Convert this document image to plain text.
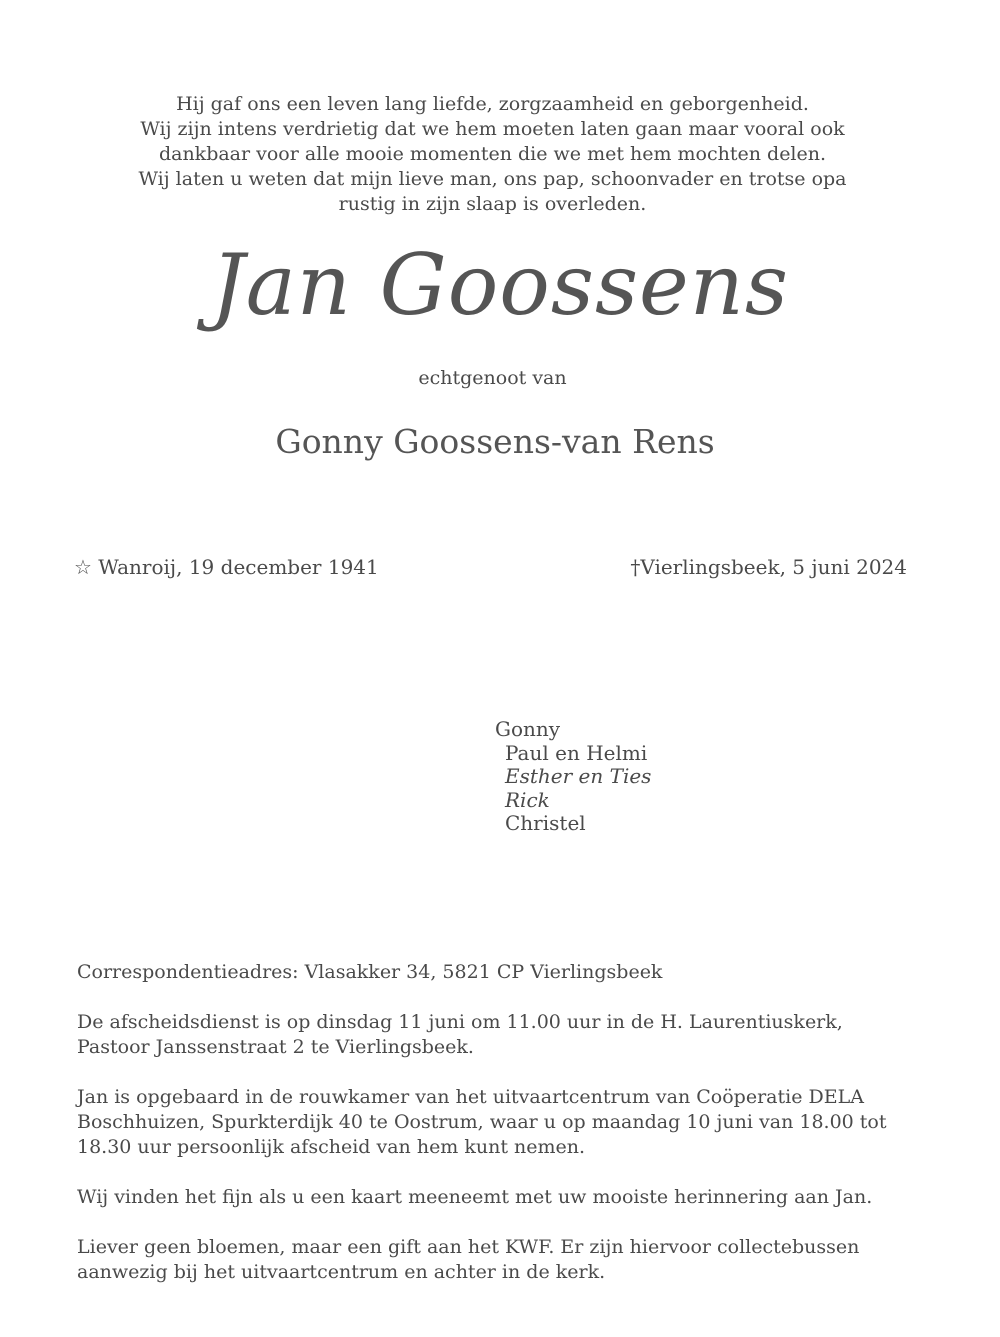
Hij gaf ons een leven lang liefde, zorgzaamheid en geborgenheid.
Wij zijn intens verdrietig dat we hem moeten laten gaan maar vooral ook
dankbaar voor alle mooie momenten die we met hem mochten delen.
Wij laten u weten dat mijn lieve man, ons pap, schoonvader en trotse opa
rustig in zijn slaap is overleden.
Jan Goossens
echtgenoot van
Gonny Goossens-van Rens
☆ Wanroij, 19 december 1941	†Vierlingsbeek, 5 juni 2024
Gonny
Paul en Helmi
Esther en Ties
Rick
Christel

Correspondentieadres: Vlasakker 34, 5821 CP Vierlingsbeek

De afscheidsdienst is op dinsdag 11 juni om 11.00 uur in de H. Laurentiuskerk,
Pastoor Janssenstraat 2 te Vierlingsbeek.

Jan is opgebaard in de rouwkamer van het uitvaartcentrum van Coöperatie DELA
Boschhuizen, Spurkterdijk 40 te Oostrum, waar u op maandag 10 juni van 18.00 tot
18.30 uur persoonlijk afscheid van hem kunt nemen.

Wij vinden het fijn als u een kaart meeneemt met uw mooiste herinnering aan Jan.

Liever geen bloemen, maar een gift aan het KWF. Er zijn hiervoor collectebussen
aanwezig bij het uitvaartcentrum en achter in de kerk.
